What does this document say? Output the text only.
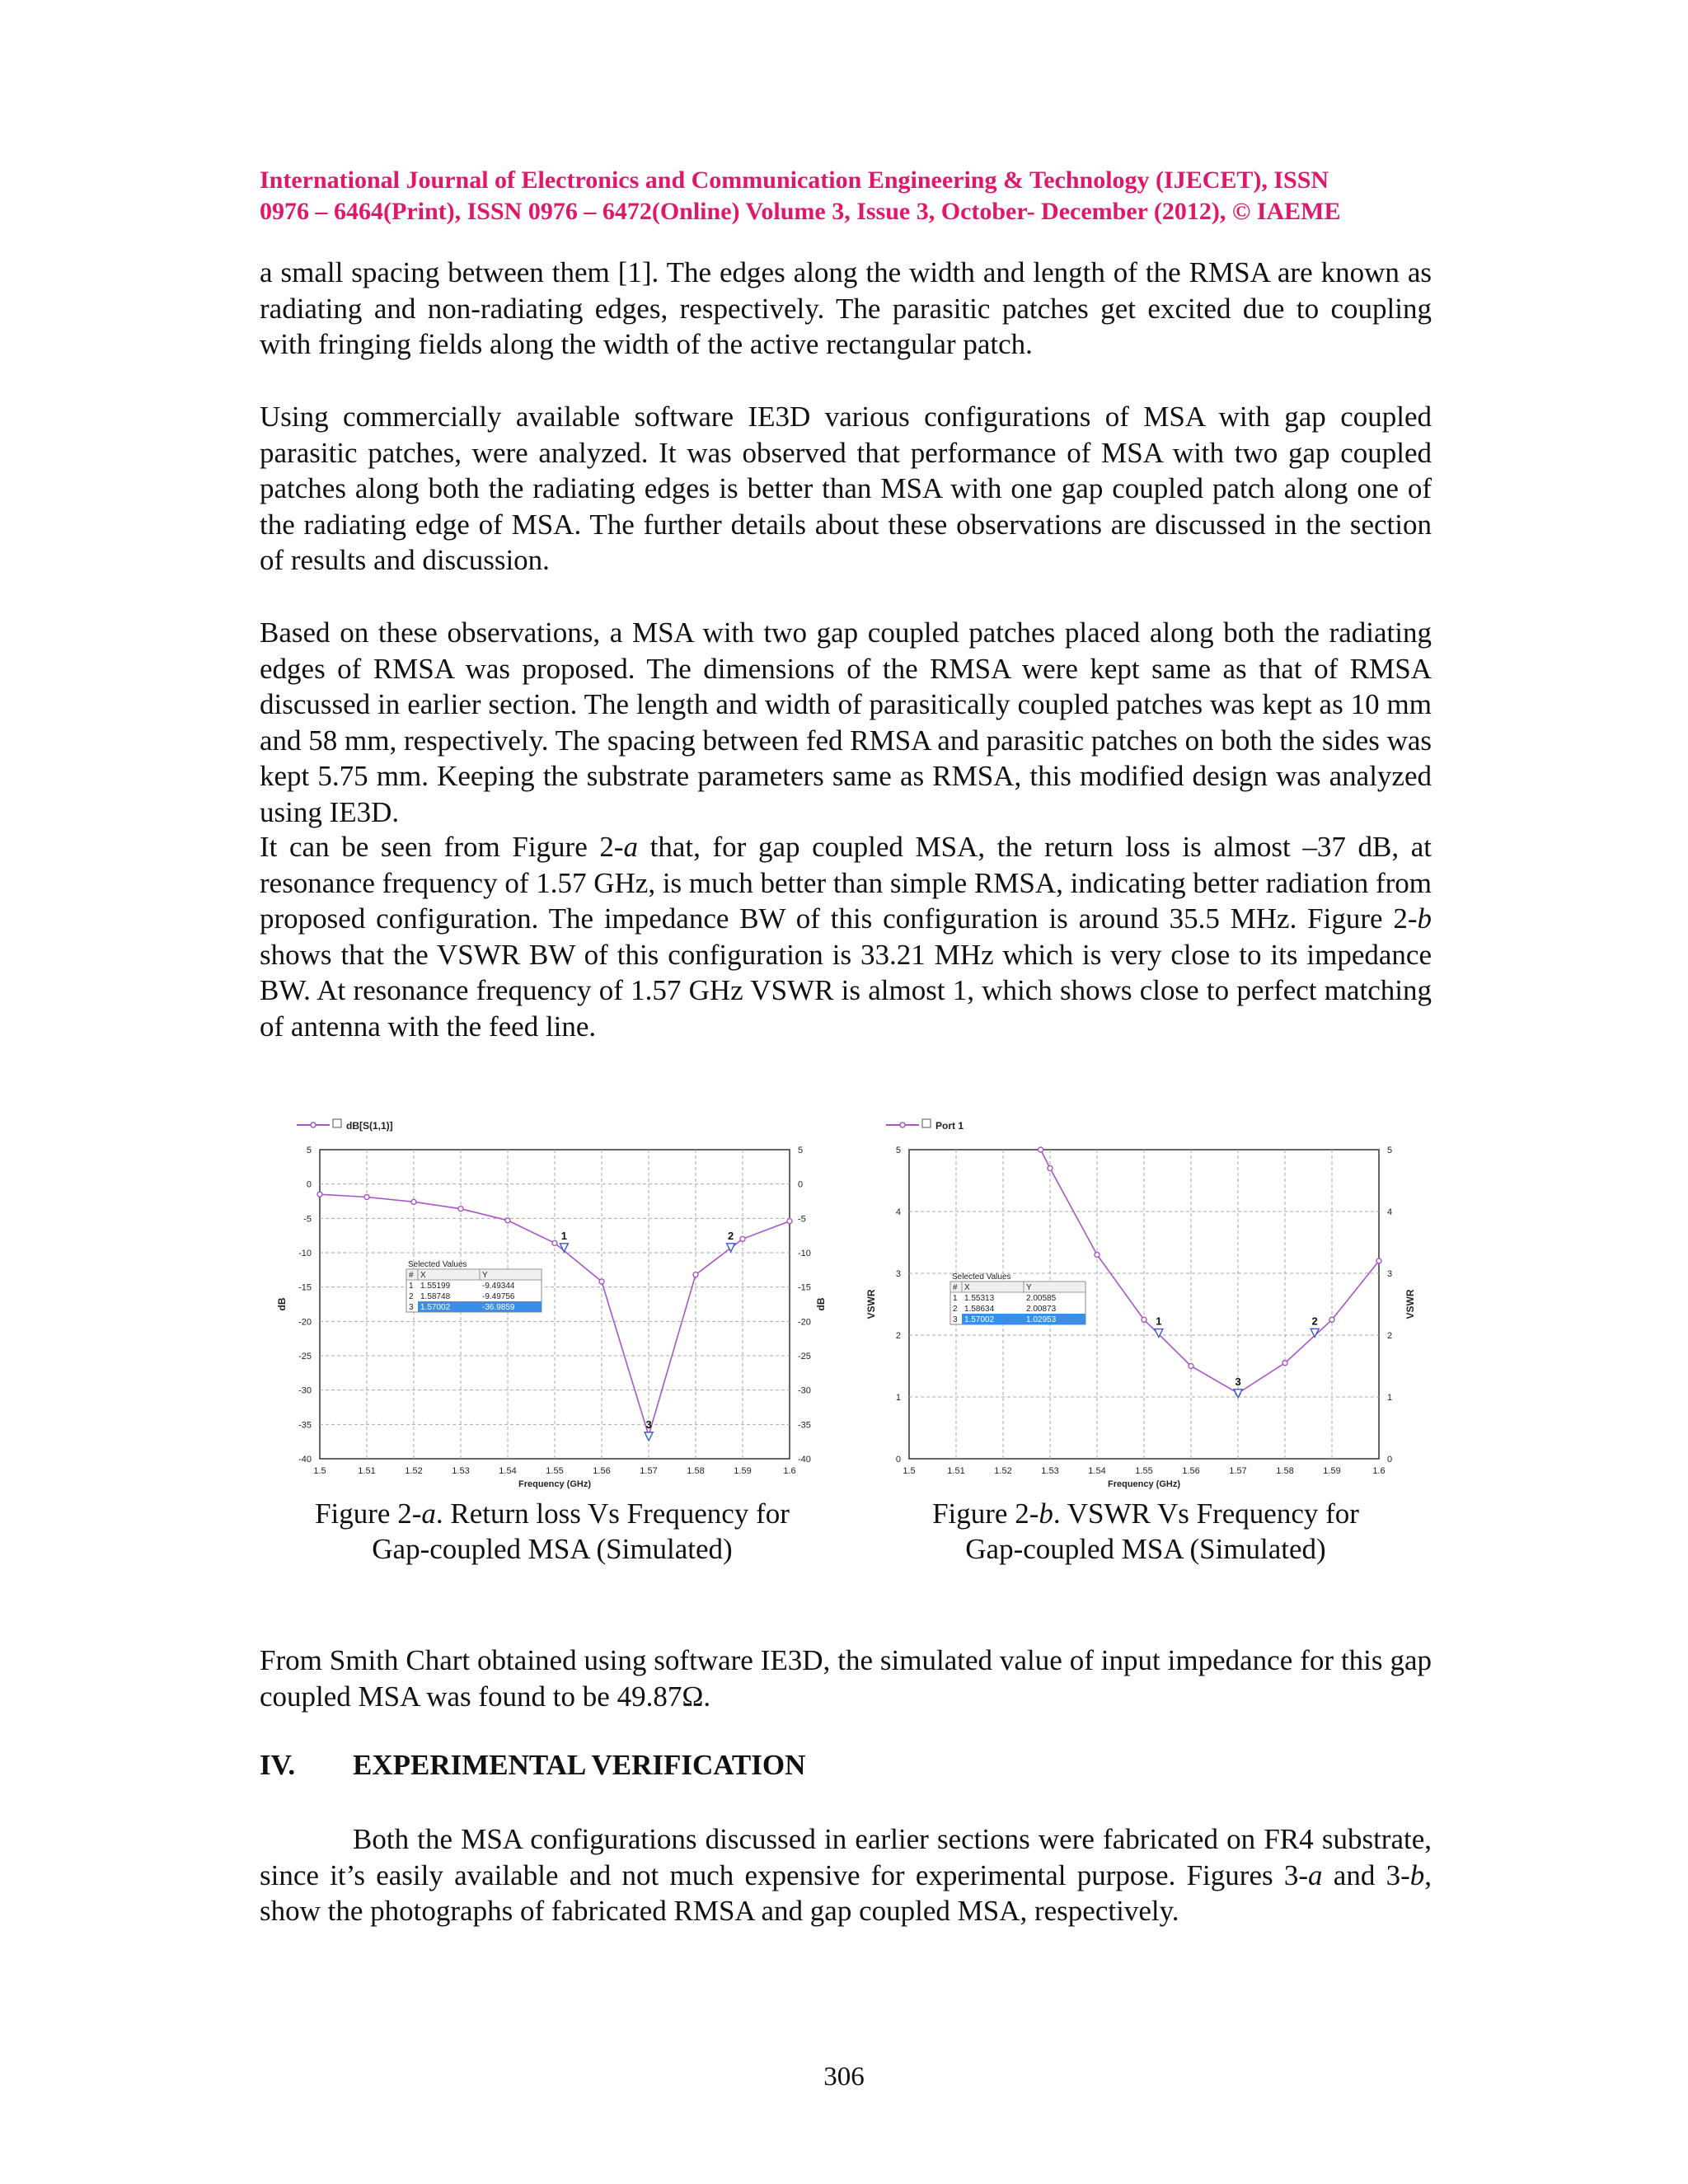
International Journal of Electronics and Communication Engineering & Technology (IJECET), ISSN
0976 – 6464(Print), ISSN 0976 – 6472(Online) Volume 3, Issue 3, October- December (2012), © IAEME

a small spacing between them [1]. The edges along the width and length of the RMSA are known as radiating and non-radiating edges, respectively. The parasitic patches get excited due to coupling with fringing fields along the width of the active rectangular patch.

Using commercially available software IE3D various configurations of MSA with gap coupled parasitic patches, were analyzed. It was observed that performance of MSA with two gap coupled patches along both the radiating edges is better than MSA with one gap coupled patch along one of the radiating edge of MSA. The further details about these observations are discussed in the section of results and discussion.

Based on these observations, a MSA with two gap coupled patches placed along both the radiating edges of RMSA was proposed. The dimensions of the RMSA were kept same as that of RMSA discussed in earlier section. The length and width of parasitically coupled patches was kept as 10 mm and 58 mm, respectively. The spacing between fed RMSA and parasitic patches on both the sides was kept 5.75 mm. Keeping the substrate parameters same as RMSA, this modified design was analyzed using IE3D.

It can be seen from Figure 2-a that, for gap coupled MSA, the return loss is almost –37 dB, at resonance frequency of 1.57 GHz, is much better than simple RMSA, indicating better radiation from proposed configuration. The impedance BW of this configuration is around 35.5 MHz. Figure 2-b shows that the VSWR BW of this configuration is 33.21 MHz which is very close to its impedance BW. At resonance frequency of 1.57 GHz VSWR is almost 1, which shows close to perfect matching of antenna with the feed line.

dB[S(1,1)]
1.5	1.51	1.52	1.53	1.54	1.55	1.56	1.57	1.58	1.59	1.6
5	5
0	0
-5	-5
-10	-10
-15	-15
-20	-20
-25	-25
-30	-30
-35	-35
-40	-40
Frequency (GHz)
dB	dB
1	2
3
Selected Values
# X	Y
1 1.55199	-9.49344
2 1.58748	-9.49756
3 1.57002	-36.9859
Figure 2-a. Return loss Vs Frequency for
Gap-coupled MSA (Simulated)
Port 1
1.5	1.51	1.52	1.53	1.54	1.55	1.56	1.57	1.58	1.59	1.6
5	5
4	4
3	3
2	2
1	1
0	0
Frequency (GHz)
VSWR	VSWR
1	2
3
Selected Values
# X	Y
1 1.55313	2.00585
2 1.58634	2.00873
3 1.57002	1.02953
Figure 2-b. VSWR Vs Frequency for
Gap-coupled MSA (Simulated)

From Smith Chart obtained using software IE3D, the simulated value of input impedance for this gap coupled MSA was found to be 49.87Ω.

IV. EXPERIMENTAL VERIFICATION

Both the MSA configurations discussed in earlier sections were fabricated on FR4 substrate, since it’s easily available and not much expensive for experimental purpose. Figures 3-a and 3-b, show the photographs of fabricated RMSA and gap coupled MSA, respectively.

306
